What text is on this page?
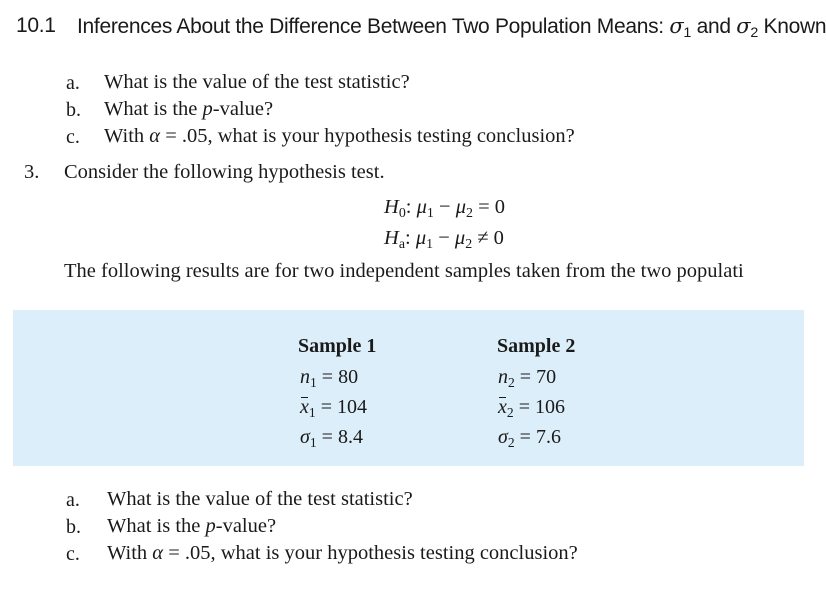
10.1 Inferences About the Difference Between Two Population Means: $\sigma_1$ and $\sigma_2$ Known
a. What is the value of the test statistic?
b. What is the p-value?
c. With α = .05, what is your hypothesis testing conclusion?
3. Consider the following hypothesis test.
$H_0$: $\mu_1 - \mu_2 = 0$
$H_a$: $\mu_1 - \mu_2 \ne 0$
The following results are for two independent samples taken from the two populati
Sample 1
$n_1 = 80$
$x_1 = 104$
$\sigma_1 = 8.4$
Sample 2
$n_2 = 70$
$x_2 = 106$
$\sigma_2 = 7.6$
a. What is the value of the test statistic?
b. What is the p-value?
c. With α = .05, what is your hypothesis testing conclusion?
